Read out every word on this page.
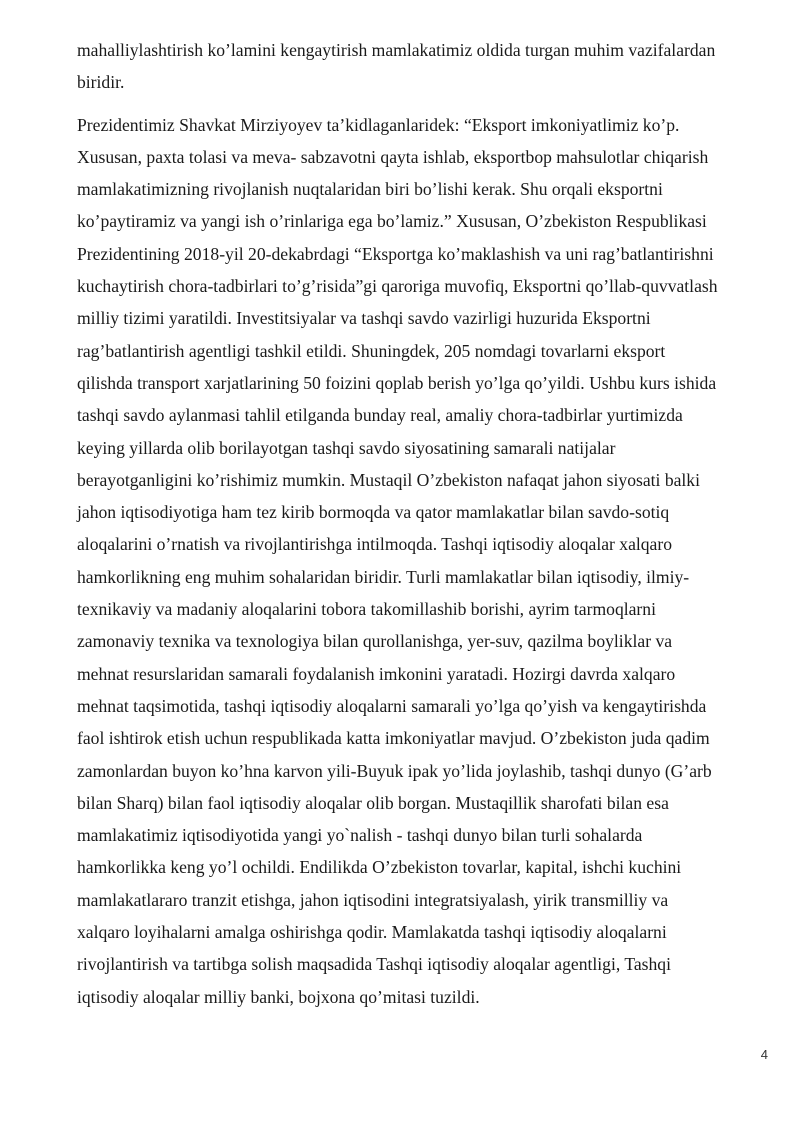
mahalliylashtirish ko’lamini kengaytirish mamlakatimiz oldida turgan muhim vazifalardan biridir.

Prezidentimiz Shavkat Mirziyoyev ta’kidlaganlaridek: “Eksport imkoniyatlimiz ko’p. Xususan, paxta tolasi va meva- sabzavotni qayta ishlab, eksportbop mahsulotlar chiqarish mamlakatimizning rivojlanish nuqtalaridan biri bo’lishi kerak. Shu orqali eksportni ko’paytiramiz va yangi ish o’rinlariga ega bo’lamiz.” Xususan, O’zbekiston Respublikasi Prezidentining 2018-yil 20-dekabrdagi “Eksportga ko’maklashish va uni rag’batlantirishni kuchaytirish chora-tadbirlari to’g’risida”gi qaroriga muvofiq, Eksportni qo’llab-quvvatlash milliy tizimi yaratildi. Investitsiyalar va tashqi savdo vazirligi huzurida Eksportni rag’batlantirish agentligi tashkil etildi. Shuningdek, 205 nomdagi tovarlarni eksport qilishda transport xarjatlarining 50 foizini qoplab berish yo’lga qo’yildi. Ushbu kurs ishida tashqi savdo aylanmasi tahlil etilganda bunday real, amaliy chora-tadbirlar yurtimizda keying yillarda olib borilayotgan tashqi savdo siyosatining samarali natijalar berayotganligini ko’rishimiz mumkin. Mustaqil O’zbekiston nafaqat jahon siyosati balki jahon iqtisodiyotiga ham tez kirib bormoqda va qator mamlakatlar bilan savdo-sotiq aloqalarini o’rnatish va rivojlantirishga intilmoqda. Tashqi iqtisodiy aloqalar xalqaro hamkorlikning eng muhim sohalaridan biridir. Turli mamlakatlar bilan iqtisodiy, ilmiy-texnikaviy va madaniy aloqalarini tobora takomillashib borishi, ayrim tarmoqlarni zamonaviy texnika va texnologiya bilan qurollanishga, yer-suv, qazilma boyliklar va mehnat resurslaridan samarali foydalanish imkonini yaratadi. Hozirgi davrda xalqaro mehnat taqsimotida, tashqi iqtisodiy aloqalarni samarali yo’lga qo’yish va kengaytirishda faol ishtirok etish uchun respublikada katta imkoniyatlar mavjud. O’zbekiston juda qadim zamonlardan buyon ko’hna karvon yili-Buyuk ipak yo’lida joylashib, tashqi dunyo (G’arb bilan Sharq) bilan faol iqtisodiy aloqalar olib borgan. Mustaqillik sharofati bilan esa mamlakatimiz iqtisodiyotida yangi yo`nalish - tashqi dunyo bilan turli sohalarda hamkorlikka keng yo’l ochildi. Endilikda O’zbekiston tovarlar, kapital, ishchi kuchini mamlakatlararo tranzit etishga, jahon iqtisodini integratsiyalash, yirik transmilliy va xalqaro loyihalarni amalga oshirishga qodir. Mamlakatda tashqi iqtisodiy aloqalarni rivojlantirish va tartibga solish maqsadida Tashqi iqtisodiy aloqalar agentligi, Tashqi iqtisodiy aloqalar milliy banki, bojxona qo’mitasi tuzildi.

4
